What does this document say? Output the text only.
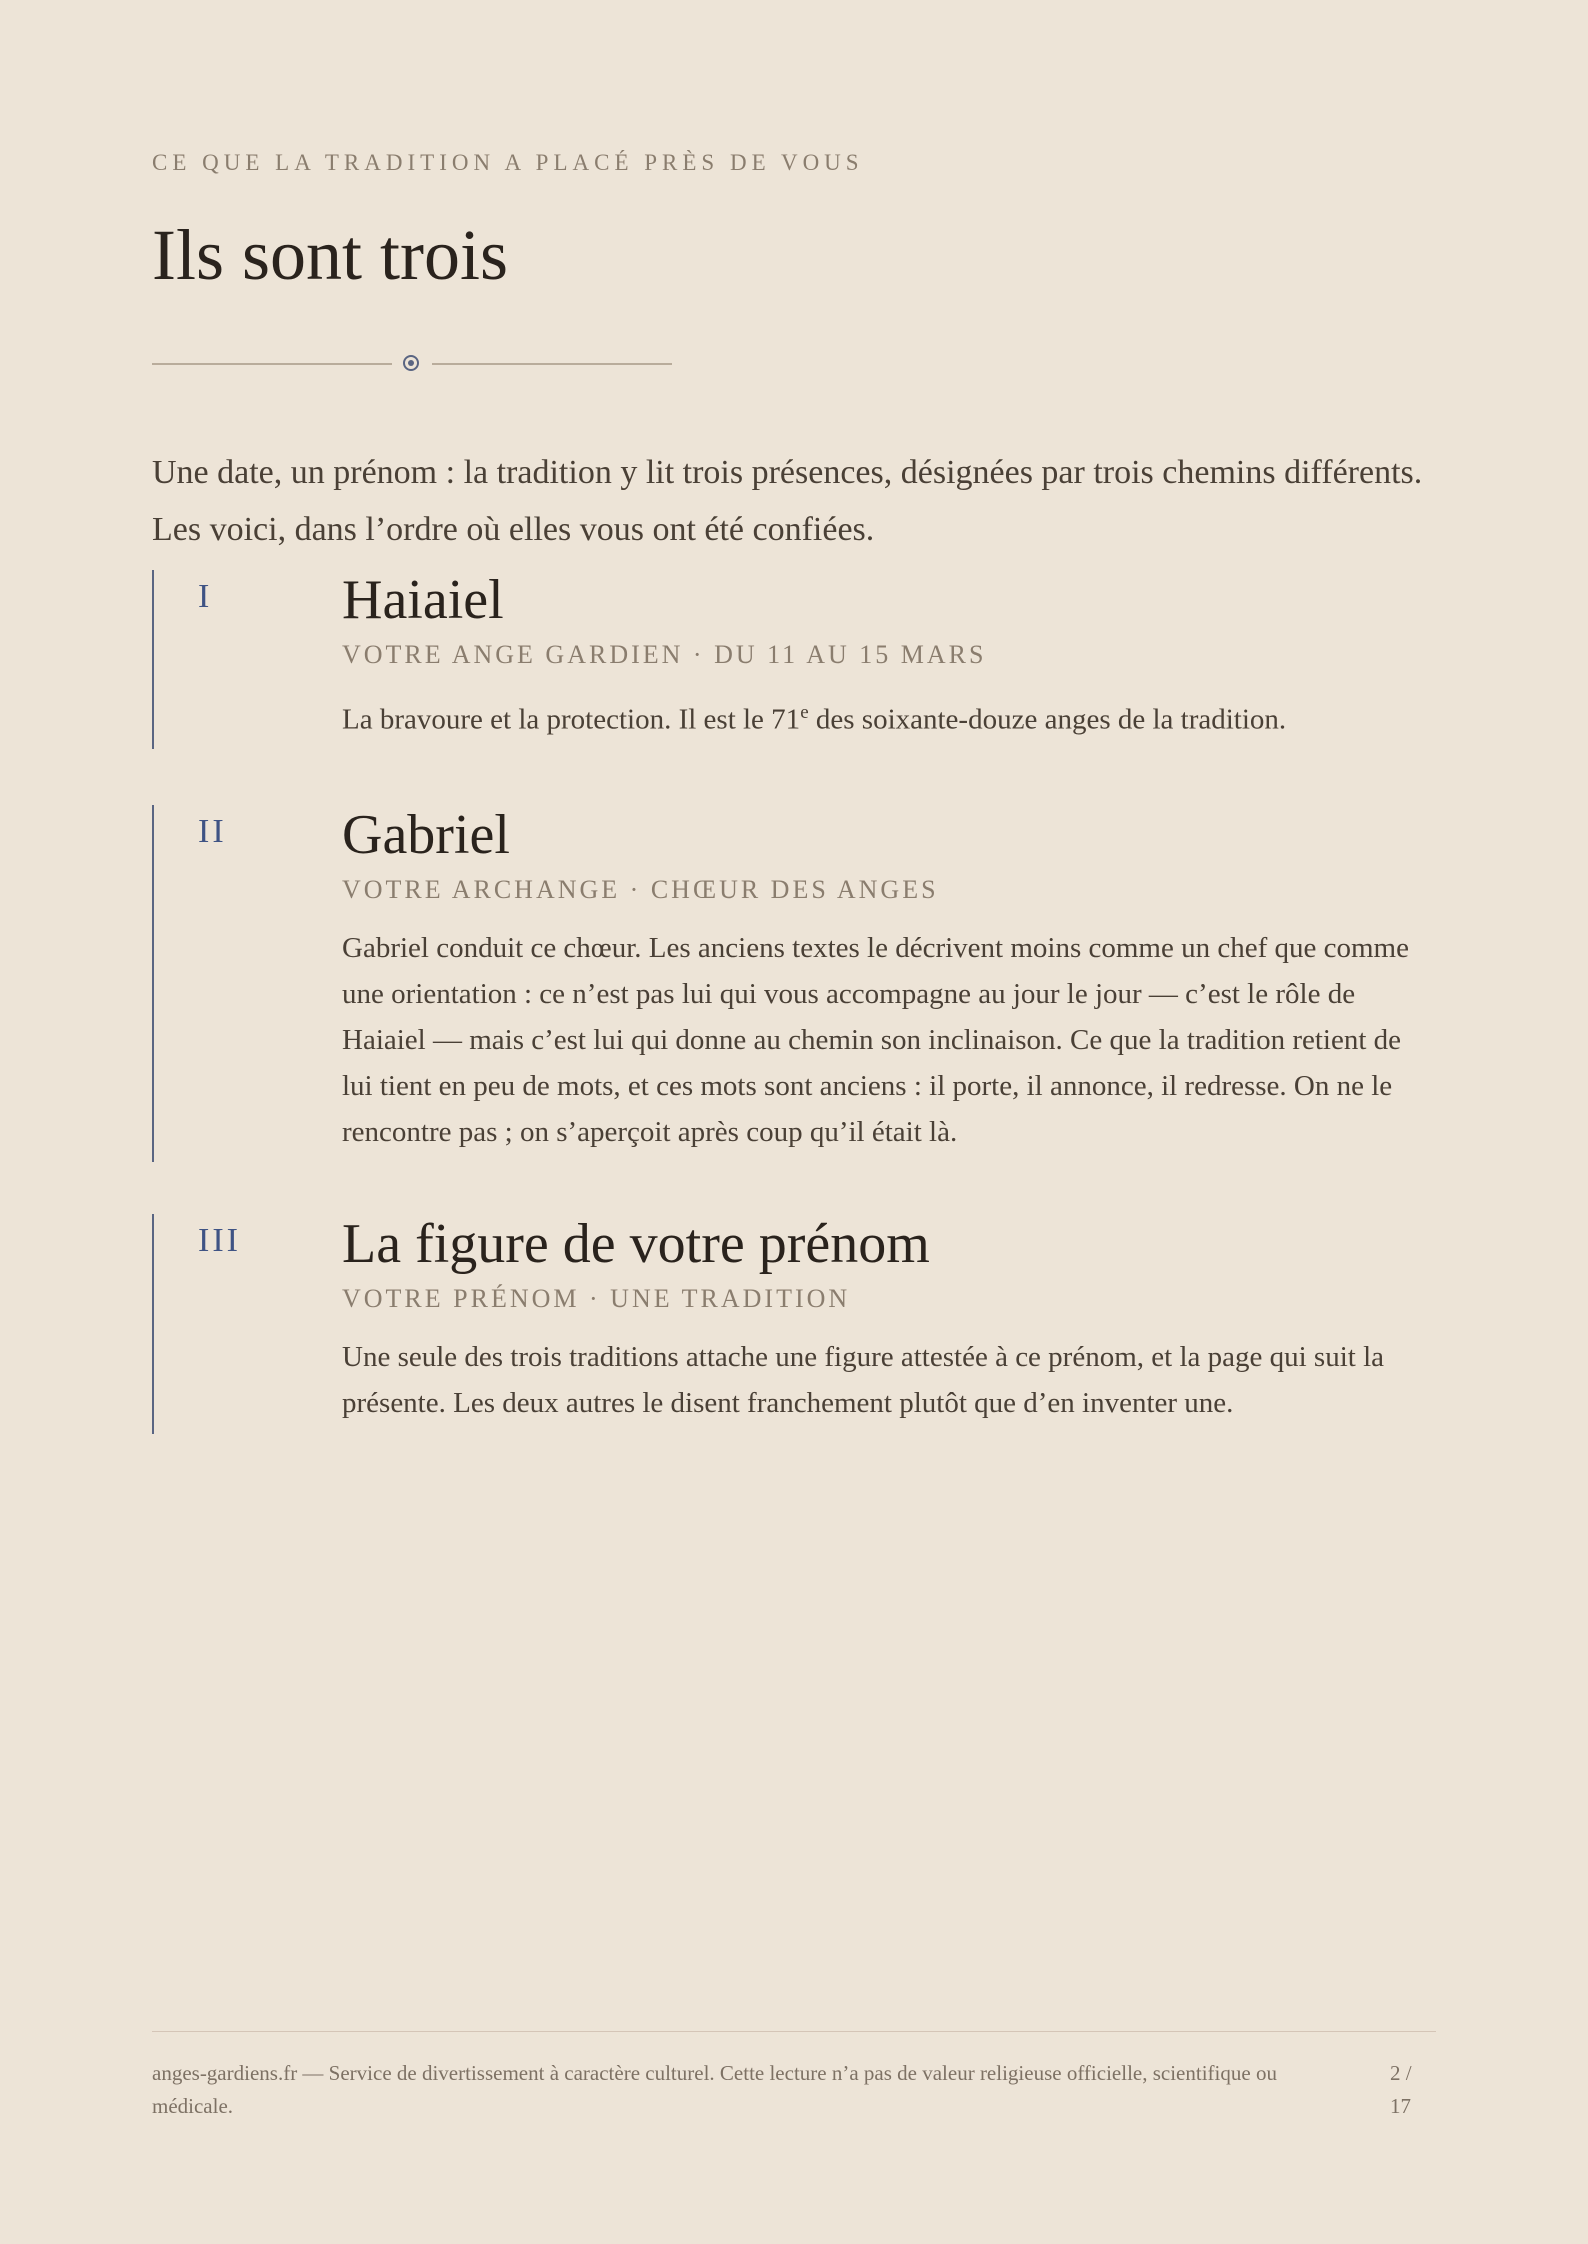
CE QUE LA TRADITION A PLACÉ PRÈS DE VOUS
Ils sont trois

Une date, un prénom : la tradition y lit trois présences, désignées par trois chemins différents. Les voici, dans l’ordre où elles vous ont été confiées.

I Haiaiel
VOTRE ANGE GARDIEN · DU 11 AU 15 MARS

La bravoure et la protection. Il est le 71e des soixante-douze anges de la tradition.

II Gabriel
VOTRE ARCHANGE · CHŒUR DES ANGES

Gabriel conduit ce chœur. Les anciens textes le décrivent moins comme un chef que comme une orientation : ce n’est pas lui qui vous accompagne au jour le jour — c’est le rôle de Haiaiel — mais c’est lui qui donne au chemin son inclinaison. Ce que la tradition retient de lui tient en peu de mots, et ces mots sont anciens : il porte, il annonce, il redresse. On ne le rencontre pas ; on s’aperçoit après coup qu’il était là.

III La figure de votre prénom
VOTRE PRÉNOM · UNE TRADITION

Une seule des trois traditions attache une figure attestée à ce prénom, et la page qui suit la présente. Les deux autres le disent franchement plutôt que d’en inventer une.

anges-gardiens.fr — Service de divertissement à caractère culturel. Cette lecture n’a pas de valeur religieuse officielle, scientifique ou médicale.
2 / 17
